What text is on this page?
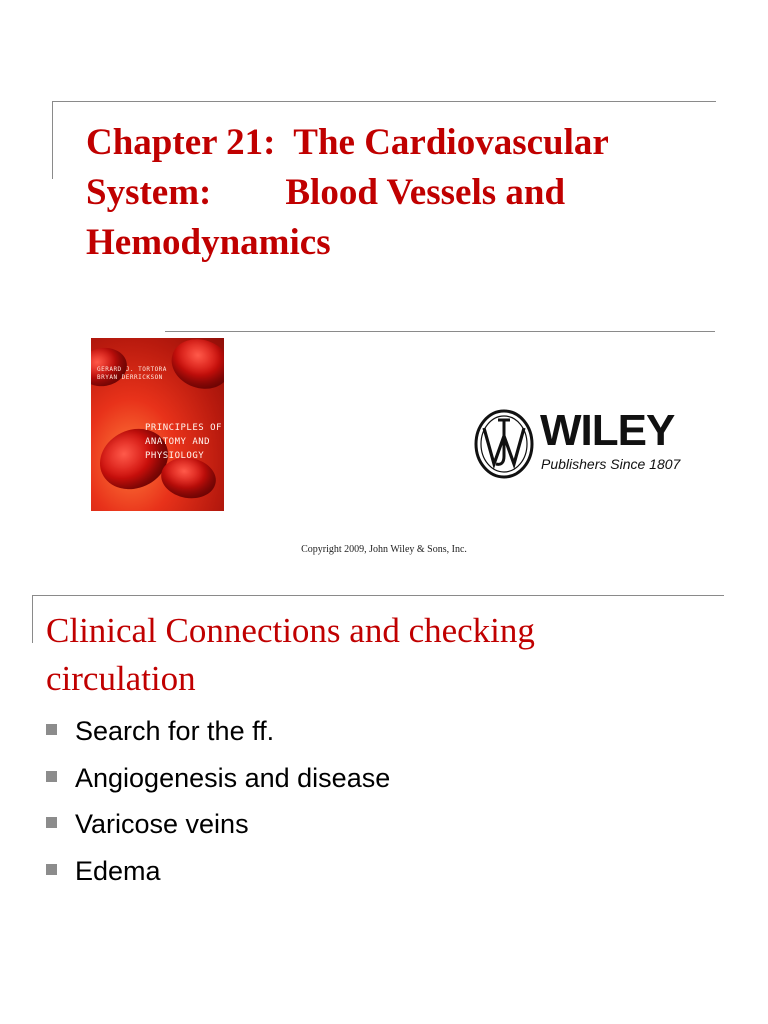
Chapter 21:  The Cardiovascular
System:        Blood Vessels and
Hemodynamics
GERARD J. TORTORA
BRYAN DERRICKSON
PRINCIPLES OF
ANATOMY AND
PHYSIOLOGY
WILEY
Publishers Since 1807
Copyright 2009, John Wiley & Sons, Inc.
Clinical Connections and checking
circulation
Search for the ff.
Angiogenesis and disease
Varicose veins
Edema
